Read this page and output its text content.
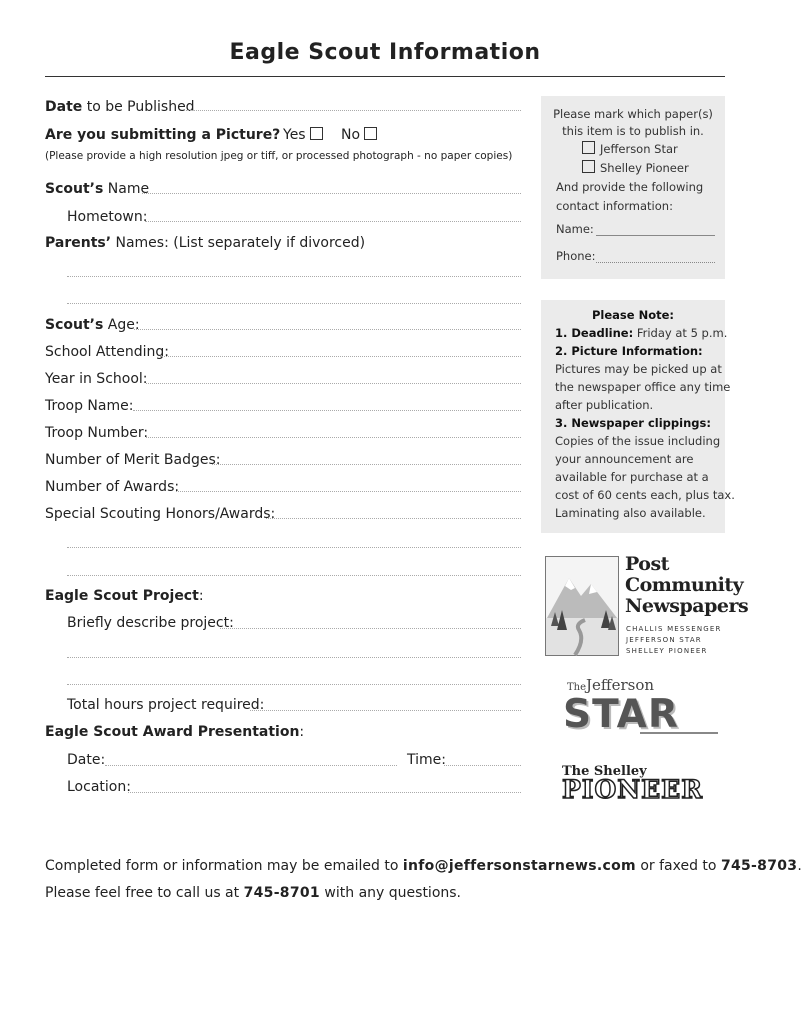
Eagle Scout Information
Date to be Published
Are you submitting a Picture? Yes	No
(Please provide a high resolution jpeg or tiff, or processed photograph - no paper copies)
Scout’s Name
Hometown:
Parents’ Names: (List separately if divorced)
Scout’s Age:
School Attending:
Year in School:
Troop Name:
Troop Number:
Number of Merit Badges:
Number of Awards:
Special Scouting Honors/Awards:
Eagle Scout Project:
Briefly describe project:
Total hours project required:
Eagle Scout Award Presentation:
Date:	Time:
Location:
Please mark which paper(s)
this item is to publish in.
Jefferson Star
Shelley Pioneer
And provide the following
contact information:
Name:
Phone:
Please Note:
1. Deadline: Friday at 5 p.m.
2. Picture Information:
Pictures may be picked up at
the newspaper office any time
after publication.
3. Newspaper clippings:
Copies of the issue including
your announcement are
available for purchase at a
cost of 60 cents each, plus tax.
Laminating also available.
Post
Community
Newspapers
CHALLIS MESSENGER
JEFFERSON STAR
SHELLEY PIONEER
TheJefferson
STAR
The Shelley
PIONEER
Completed form or information may be emailed to info@jeffersonstarnews.com or faxed to 745-8703.
Please feel free to call us at 745-8701 with any questions.
